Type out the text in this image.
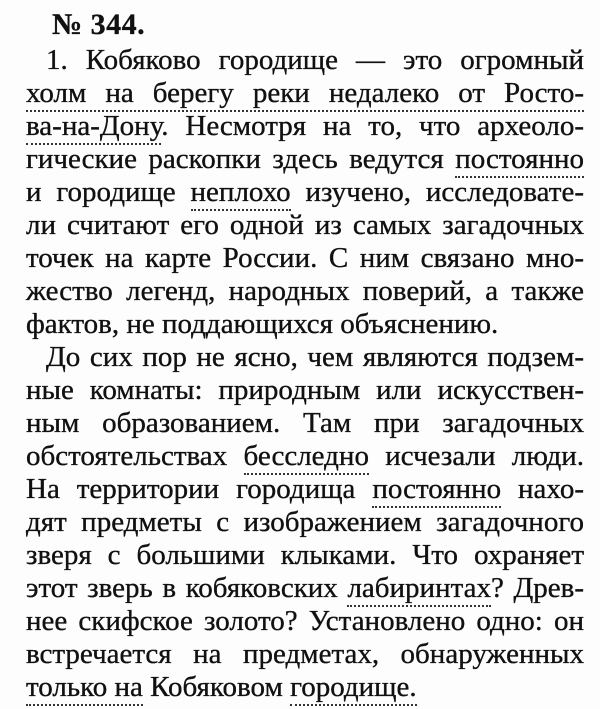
№ 344.
1. Кобяково городище — это огромный
холм на берегу реки недалеко от Росто-
ва-на-Дону. Несмотря на то, что археоло-
гические раскопки здесь ведутся постоянно
и городище неплохо изучено, исследовате-
ли считают его одной из самых загадочных
точек на карте России. С ним связано мно-
жество легенд, народных поверий, а также
фактов, не поддающихся объяснению.
До сих пор не ясно, чем являются подзем-
ные комнаты: природным или искусствен-
ным образованием. Там при загадочных
обстоятельствах бесследно исчезали люди.
На территории городища постоянно нахо-
дят предметы с изображением загадочного
зверя с большими клыками. Что охраняет
этот зверь в кобяковских лабиринтах? Древ-
нее скифское золото? Установлено одно: он
встречается на предметах, обнаруженных
только на Кобяковом городище.
